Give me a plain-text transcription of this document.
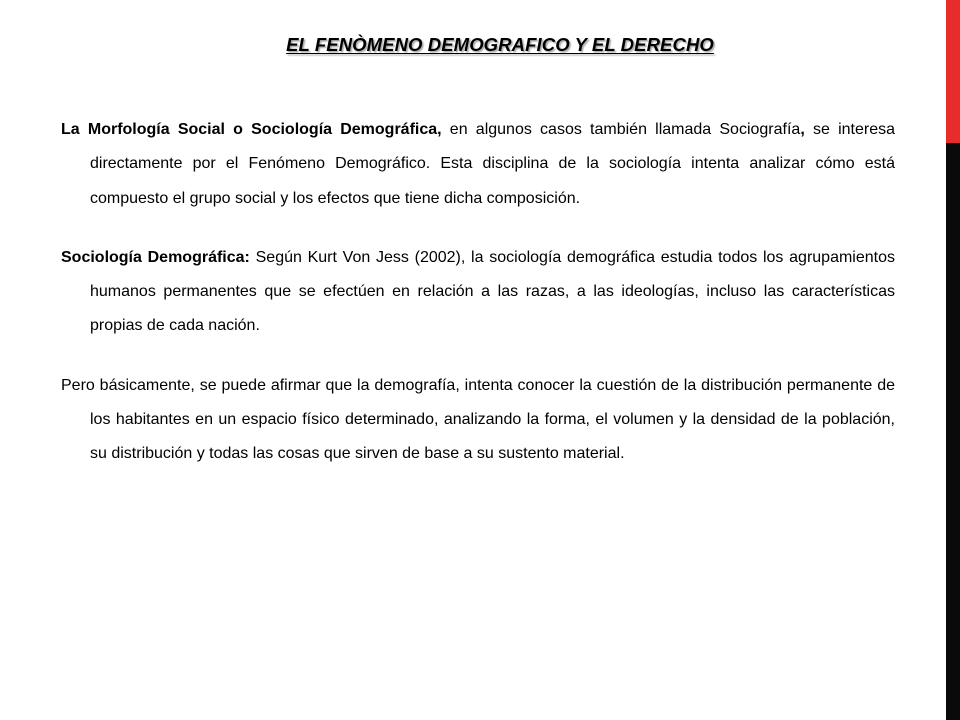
EL FENÒMENO DEMOGRAFICO Y EL DERECHO

La Morfología Social o Sociología Demográfica, en algunos casos también llamada Sociografía, se interesa directamente por el Fenómeno Demográfico. Esta disciplina de la sociología intenta analizar cómo está compuesto el grupo social y los efectos que tiene dicha composición.

Sociología Demográfica: Según Kurt Von Jess (2002), la sociología demográfica estudia todos los agrupamientos humanos permanentes que se efectúen en relación a las razas, a las ideologías, incluso las características propias de cada nación.

Pero básicamente, se puede afirmar que la demografía, intenta conocer la cuestión de la distribución permanente de los habitantes en un espacio físico determinado, analizando la forma, el volumen y la densidad de la población, su distribución y todas las cosas que sirven de base a su sustento material.
